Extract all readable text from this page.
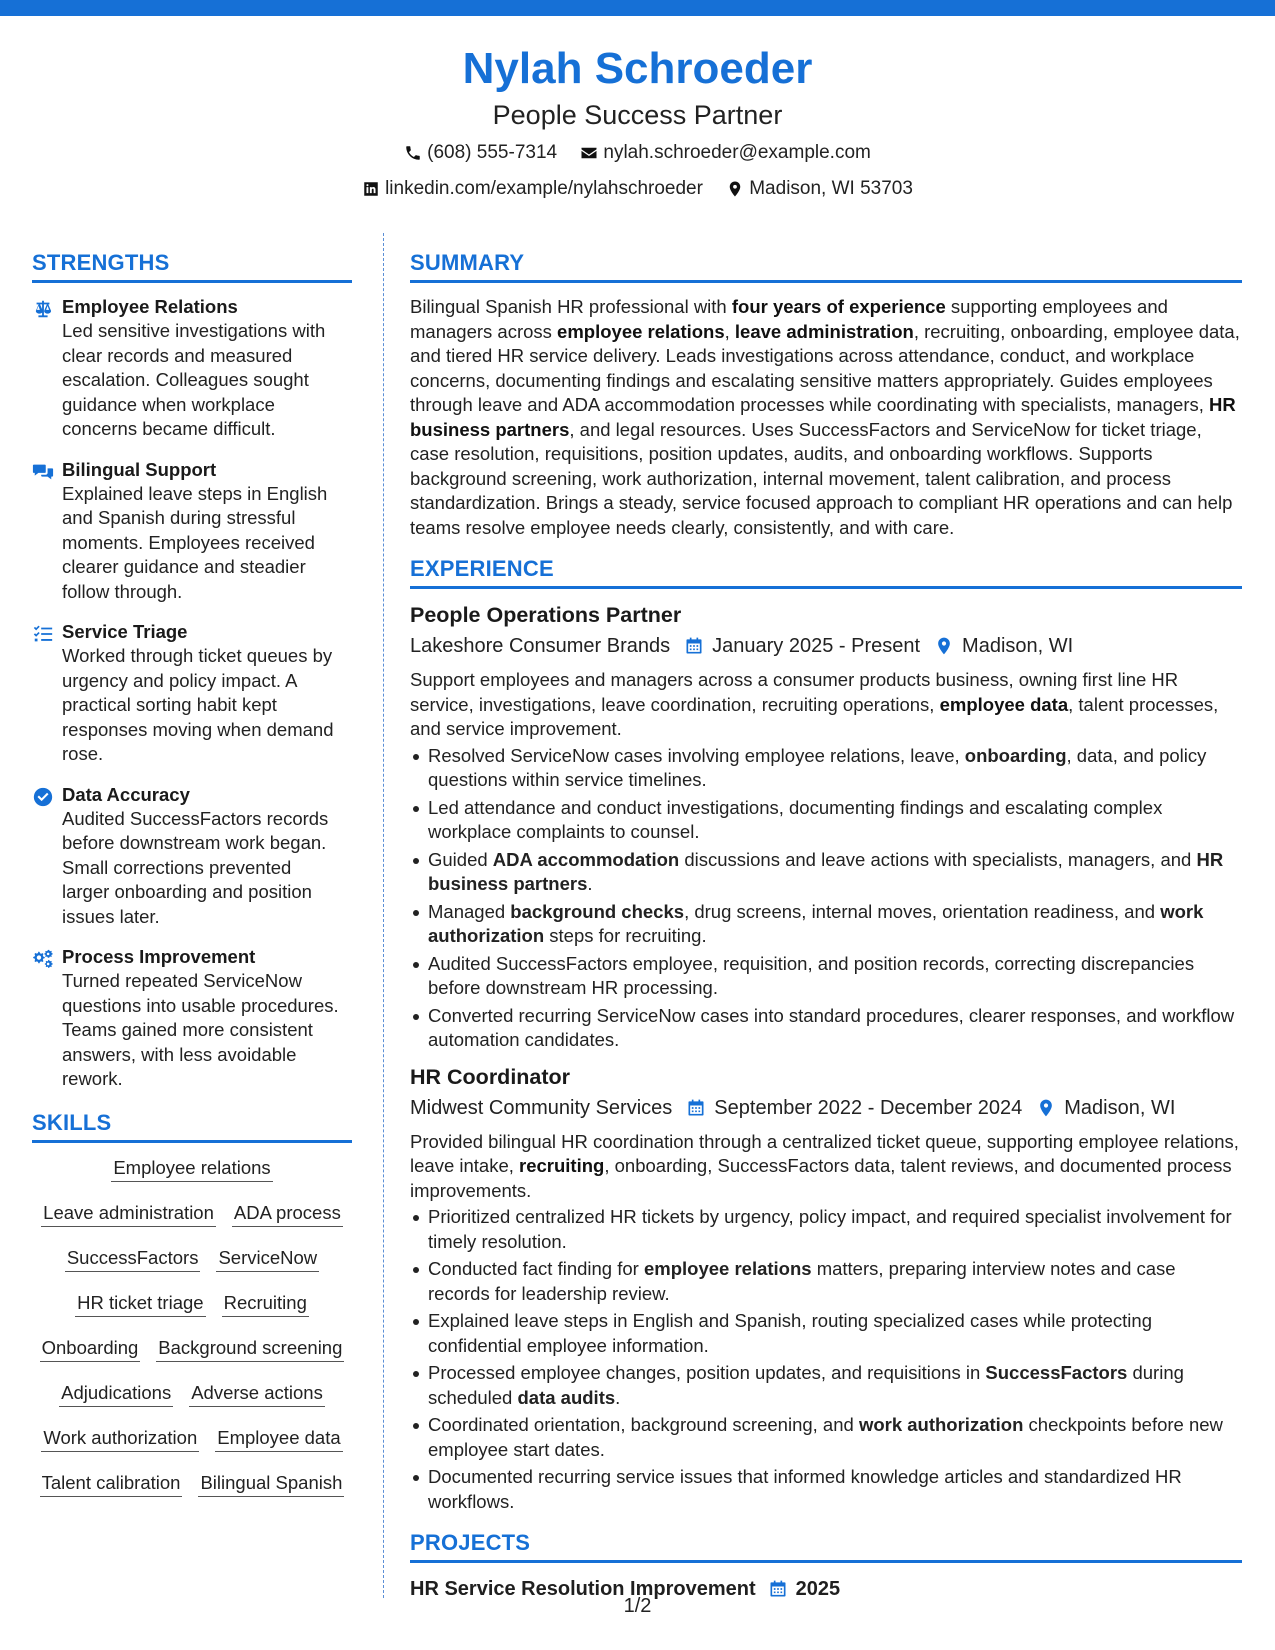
Nylah Schroeder
People Success Partner
(608) 555-7314
nylah.schroeder@example.com
linkedin.com/example/nylahschroeder
Madison, WI 53703
STRENGTHS
Employee Relations
Led sensitive investigations with clear records and measured escalation. Colleagues sought guidance when workplace concerns became difficult.
Bilingual Support
Explained leave steps in English and Spanish during stressful moments. Employees received clearer guidance and steadier follow through.
Service Triage
Worked through ticket queues by urgency and policy impact. A practical sorting habit kept responses moving when demand rose.
Data Accuracy
Audited SuccessFactors records before downstream work began. Small corrections prevented larger onboarding and position issues later.
Process Improvement
Turned repeated ServiceNow questions into usable procedures. Teams gained more consistent answers, with less avoidable rework.
SKILLS
Employee relations
Leave administration ADA process
SuccessFactors ServiceNow
HR ticket triage Recruiting
Onboarding Background screening
Adjudications Adverse actions
Work authorization Employee data
Talent calibration Bilingual Spanish
SUMMARY
Bilingual Spanish HR professional with four years of experience supporting employees and managers across employee relations, leave administration, recruiting, onboarding, employee data, and tiered HR service delivery. Leads investigations across attendance, conduct, and workplace concerns, documenting findings and escalating sensitive matters appropriately. Guides employees through leave and ADA accommodation processes while coordinating with specialists, managers, HR business partners, and legal resources. Uses SuccessFactors and ServiceNow for ticket triage, case resolution, requisitions, position updates, audits, and onboarding workflows. Supports background screening, work authorization, internal movement, talent calibration, and process standardization. Brings a steady, service focused approach to compliant HR operations and can help teams resolve employee needs clearly, consistently, and with care.
EXPERIENCE
People Operations Partner
Lakeshore Consumer Brands January 2025 - Present Madison, WI
Support employees and managers across a consumer products business, owning first line HR service, investigations, leave coordination, recruiting operations, employee data, talent processes, and service improvement.
Resolved ServiceNow cases involving employee relations, leave, onboarding, data, and policy questions within service timelines.
Led attendance and conduct investigations, documenting findings and escalating complex workplace complaints to counsel.
Guided ADA accommodation discussions and leave actions with specialists, managers, and HR business partners.
Managed background checks, drug screens, internal moves, orientation readiness, and work authorization steps for recruiting.
Audited SuccessFactors employee, requisition, and position records, correcting discrepancies before downstream HR processing.
Converted recurring ServiceNow cases into standard procedures, clearer responses, and workflow automation candidates.
HR Coordinator
Midwest Community Services September 2022 - December 2024 Madison, WI
Provided bilingual HR coordination through a centralized ticket queue, supporting employee relations, leave intake, recruiting, onboarding, SuccessFactors data, talent reviews, and documented process improvements.
Prioritized centralized HR tickets by urgency, policy impact, and required specialist involvement for timely resolution.
Conducted fact finding for employee relations matters, preparing interview notes and case records for leadership review.
Explained leave steps in English and Spanish, routing specialized cases while protecting confidential employee information.
Processed employee changes, position updates, and requisitions in SuccessFactors during scheduled data audits.
Coordinated orientation, background screening, and work authorization checkpoints before new employee start dates.
Documented recurring service issues that informed knowledge articles and standardized HR workflows.
PROJECTS
HR Service Resolution Improvement 2025
1/2
